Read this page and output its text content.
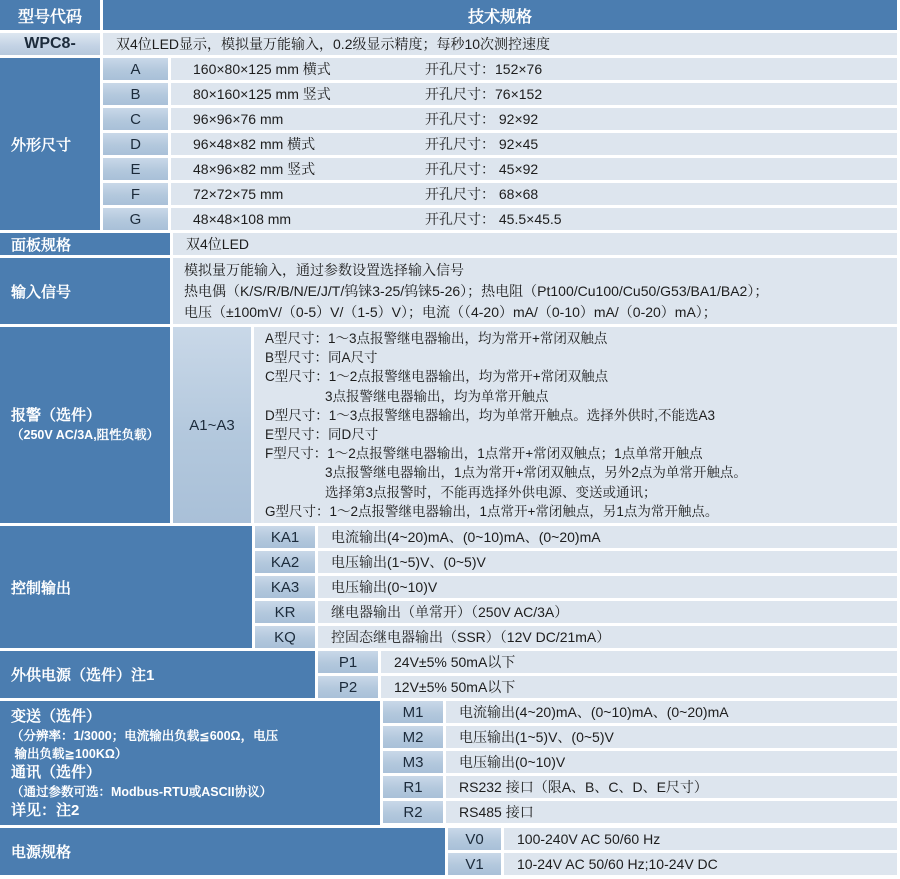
型号代码	技术规格
WPC8-	双4位LED显示，模拟量万能输入，0.2级显示精度；每秒10次测控速度
外形尺寸
A	160×80×125 mm 横式	开孔尺寸：152×76
B	80×160×125 mm 竖式	开孔尺寸：76×152
C	96×96×76 mm	开孔尺寸： 92×92
D	96×48×82 mm 横式	开孔尺寸： 92×45
E	48×96×82 mm 竖式	开孔尺寸： 45×92
F	72×72×75 mm	开孔尺寸： 68×68
G	48×48×108 mm	开孔尺寸： 45.5×45.5
面板规格	双4位LED
输入信号
模拟量万能输入，通过参数设置选择输入信号
热电偶（K/S/R/B/N/E/J/T/钨铼3-25/钨铼5-26）；热电阻（Pt100/Cu100/Cu50/G53/BA1/BA2）；
电压（±100mV/（0-5）V/（1-5）V）；电流（（4-20）mA/（0-10）mA/（0-20）mA）；
报警（选件）
（250V AC/3A,阻性负载）
A1~A3
A型尺寸：1～3点报警继电器输出，均为常开+常闭双触点
B型尺寸：同A尺寸
C型尺寸：1～2点报警继电器输出，均为常开+常闭双触点
3点报警继电器输出，均为单常开触点
D型尺寸：1～3点报警继电器输出，均为单常开触点。选择外供时,不能选A3
E型尺寸：同D尺寸
F型尺寸：1～2点报警继电器输出，1点常开+常闭双触点；1点单常开触点
3点报警继电器输出，1点为常开+常闭双触点，另外2点为单常开触点。
选择第3点报警时，不能再选择外供电源、变送或通讯；
G型尺寸：1～2点报警继电器输出，1点常开+常闭触点，另1点为常开触点。
控制输出
KA1	电流输出(4~20)mA、(0~10)mA、(0~20)mA
KA2	电压输出(1~5)V、(0~5)V
KA3	电压输出(0~10)V
KR	继电器输出（单常开）（250V AC/3A）
KQ	控固态继电器输出（SSR）（12V DC/21mA）
外供电源（选件）注1
P1	24V±5% 50mA以下
P2	12V±5% 50mA以下
变送（选件）
（分辨率：1/3000；电流输出负载≦600Ω，电压
输出负载≧100KΩ）
通讯（选件）
（通过参数可选：Modbus-RTU或ASCII协议）
详见：注2
M1	电流输出(4~20)mA、(0~10)mA、(0~20)mA
M2	电压输出(1~5)V、(0~5)V
M3	电压输出(0~10)V
R1	RS232 接口（限A、B、C、D、E尺寸）
R2	RS485 接口
电源规格
V0	100-240V AC 50/60 Hz
V1	10-24V AC 50/60 Hz;10-24V DC
